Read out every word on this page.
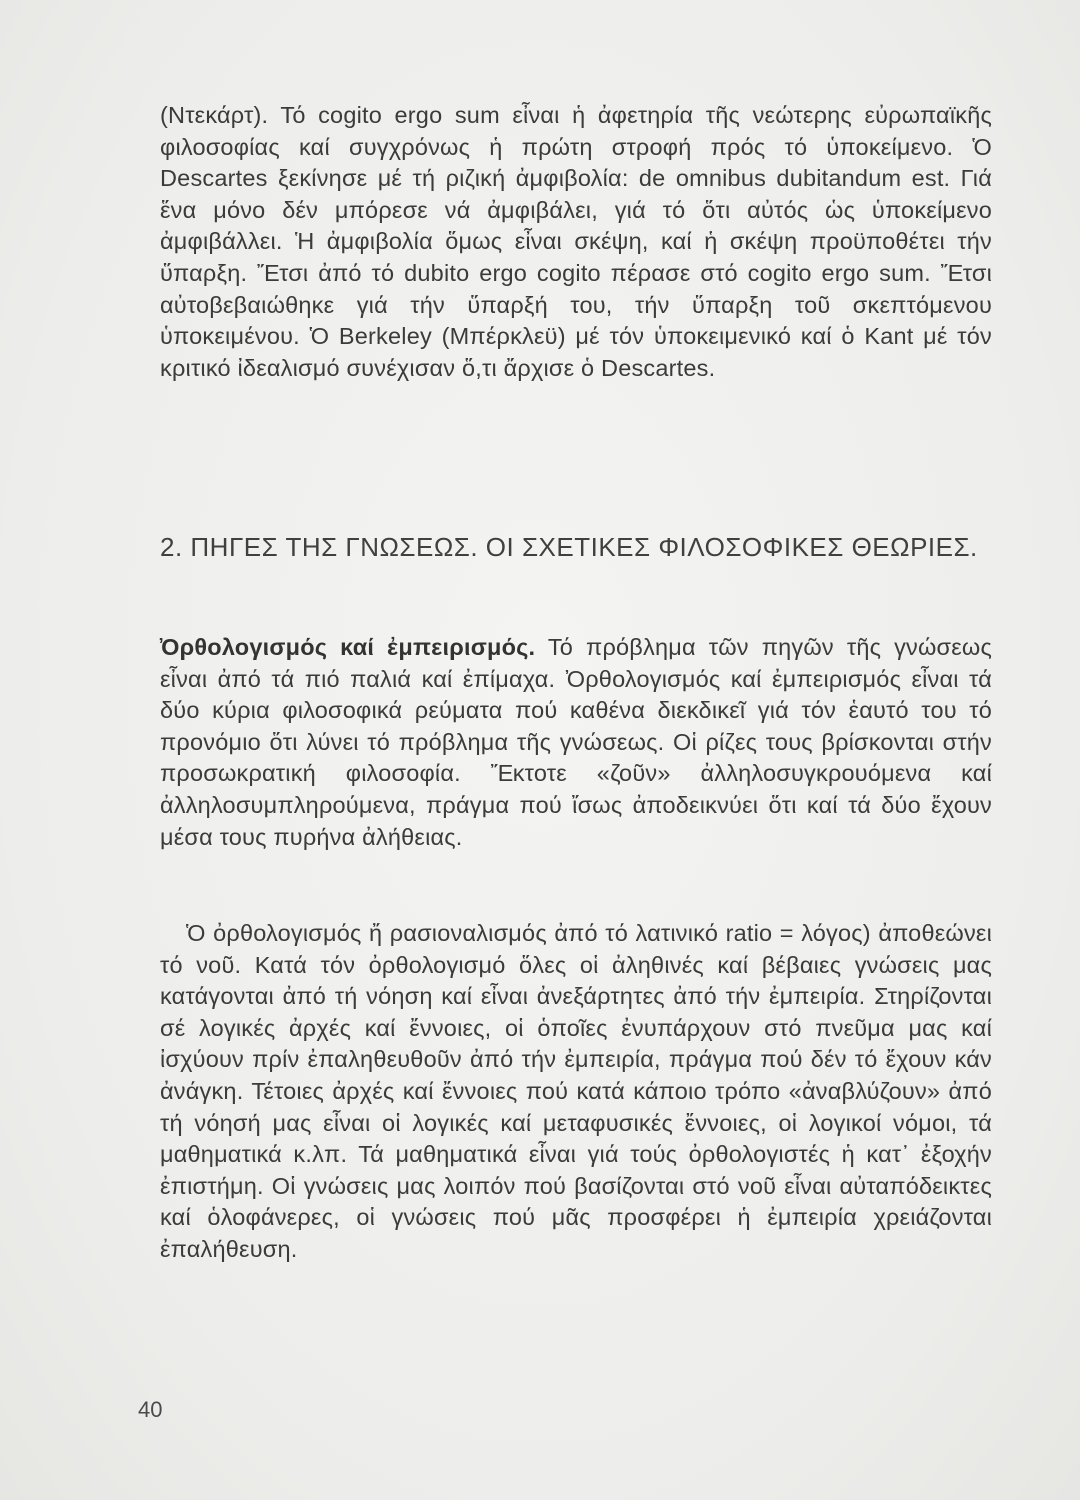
(Ντεκάρτ). Τό cogito ergo sum εἶναι ἡ ἀφετηρία τῆς νεώτερης εὐρωπαϊκῆς φιλοσοφίας καί συγχρόνως ἡ πρώτη στροφή πρός τό ὑποκείμενο. Ὁ Descartes ξεκίνησε μέ τή ριζική ἀμφιβολία: de omnibus dubitandum est. Γιά ἕνα μόνο δέν μπόρεσε νά ἀμφιβάλει, γιά τό ὅτι αὐτός ὡς ὑποκείμενο ἀμφιβάλλει. Ἡ ἀμφιβολία ὅμως εἶναι σκέψη, καί ἡ σκέψη προϋποθέτει τήν ὕπαρξη. Ἔτσι ἀπό τό dubito ergo cogito πέρασε στό cogito ergo sum. Ἔτσι αὐτοβεβαιώθηκε γιά τήν ὕπαρξή του, τήν ὕπαρξη τοῦ σκεπτόμενου ὑποκειμένου. Ὁ Berkeley (Μπέρκλεϋ) μέ τόν ὑποκειμενικό καί ὁ Kant μέ τόν κριτικό ἰδεαλισμό συνέχισαν ὅ,τι ἄρχισε ὁ Descartes.

2. ΠΗΓΕΣ ΤΗΣ ΓΝΩΣΕΩΣ. ΟΙ ΣΧΕΤΙΚΕΣ ΦΙΛΟΣΟΦΙΚΕΣ ΘΕΩΡΙΕΣ.

Ὀρθολογισμός καί ἐμπειρισμός. Τό πρόβλημα τῶν πηγῶν τῆς γνώσεως εἶναι ἀπό τά πιό παλιά καί ἐπίμαχα. Ὀρθολογισμός καί ἐμπειρισμός εἶναι τά δύο κύρια φιλοσοφικά ρεύματα πού καθένα διεκδικεῖ γιά τόν ἑαυτό του τό προνόμιο ὅτι λύνει τό πρόβλημα τῆς γνώσεως. Οἱ ρίζες τους βρίσκονται στήν προσωκρατική φιλοσοφία. Ἔκτοτε «ζοῦν» ἀλληλοσυγκρουόμενα καί ἀλληλοσυμπληρούμενα, πράγμα πού ἴσως ἀποδεικνύει ὅτι καί τά δύο ἔχουν μέσα τους πυρήνα ἀλήθειας.

Ὁ ὀρθολογισμός ἤ ρασιοναλισμός ἀπό τό λατινικό ratio = λόγος) ἀποθεώνει τό νοῦ. Κατά τόν ὀρθολογισμό ὅλες οἱ ἀληθινές καί βέβαιες γνώσεις μας κατάγονται ἀπό τή νόηση καί εἶναι ἀνεξάρτητες ἀπό τήν ἐμπειρία. Στηρίζονται σέ λογικές ἀρχές καί ἔννοιες, οἱ ὁποῖες ἐνυπάρχουν στό πνεῦμα μας καί ἰσχύουν πρίν ἐπαληθευθοῦν ἀπό τήν ἐμπειρία, πράγμα πού δέν τό ἔχουν κάν ἀνάγκη. Τέτοιες ἀρχές καί ἔννοιες πού κατά κάποιο τρόπο «ἀναβλύζουν» ἀπό τή νόησή μας εἶναι οἱ λογικές καί μεταφυσικές ἔννοιες, οἱ λογικοί νόμοι, τά μαθηματικά κ.λπ. Τά μαθηματικά εἶναι γιά τούς ὀρθολογιστές ἡ κατ᾽ ἐξοχήν ἐπιστήμη. Οἱ γνώσεις μας λοιπόν πού βασίζονται στό νοῦ εἶναι αὐταπόδεικτες καί ὁλοφάνερες, οἱ γνώσεις πού μᾶς προσφέρει ἡ ἐμπειρία χρειάζονται ἐπαλήθευση.

40
